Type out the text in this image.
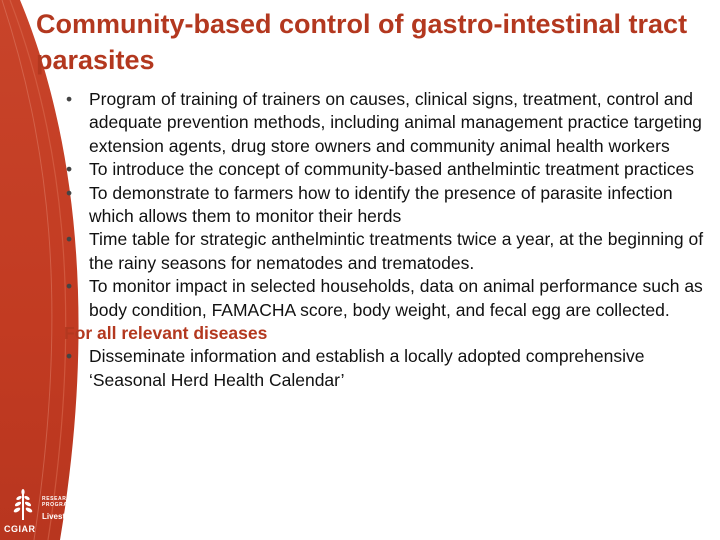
Community-based control of gastro-intestinal tract parasites
• Program of training of trainers on causes, clinical signs, treatment, control and adequate prevention methods, including animal management practice targeting extension agents, drug store owners and community animal health workers
• To introduce the concept of community-based anthelmintic treatment practices
• To demonstrate to farmers how to identify the presence of parasite infection which allows them to monitor their herds
• Time table for strategic anthelmintic treatments twice a year, at the beginning of the rainy seasons for nematodes and trematodes.
• To monitor impact in selected households, data on animal performance such as body condition, FAMACHA score, body weight, and fecal egg are collected.

For all relevant diseases

• Disseminate information and establish a locally adopted comprehensive ‘Seasonal Herd Health Calendar’
CGIAR
RESEARCH
PROGRAM ON
Livestock
